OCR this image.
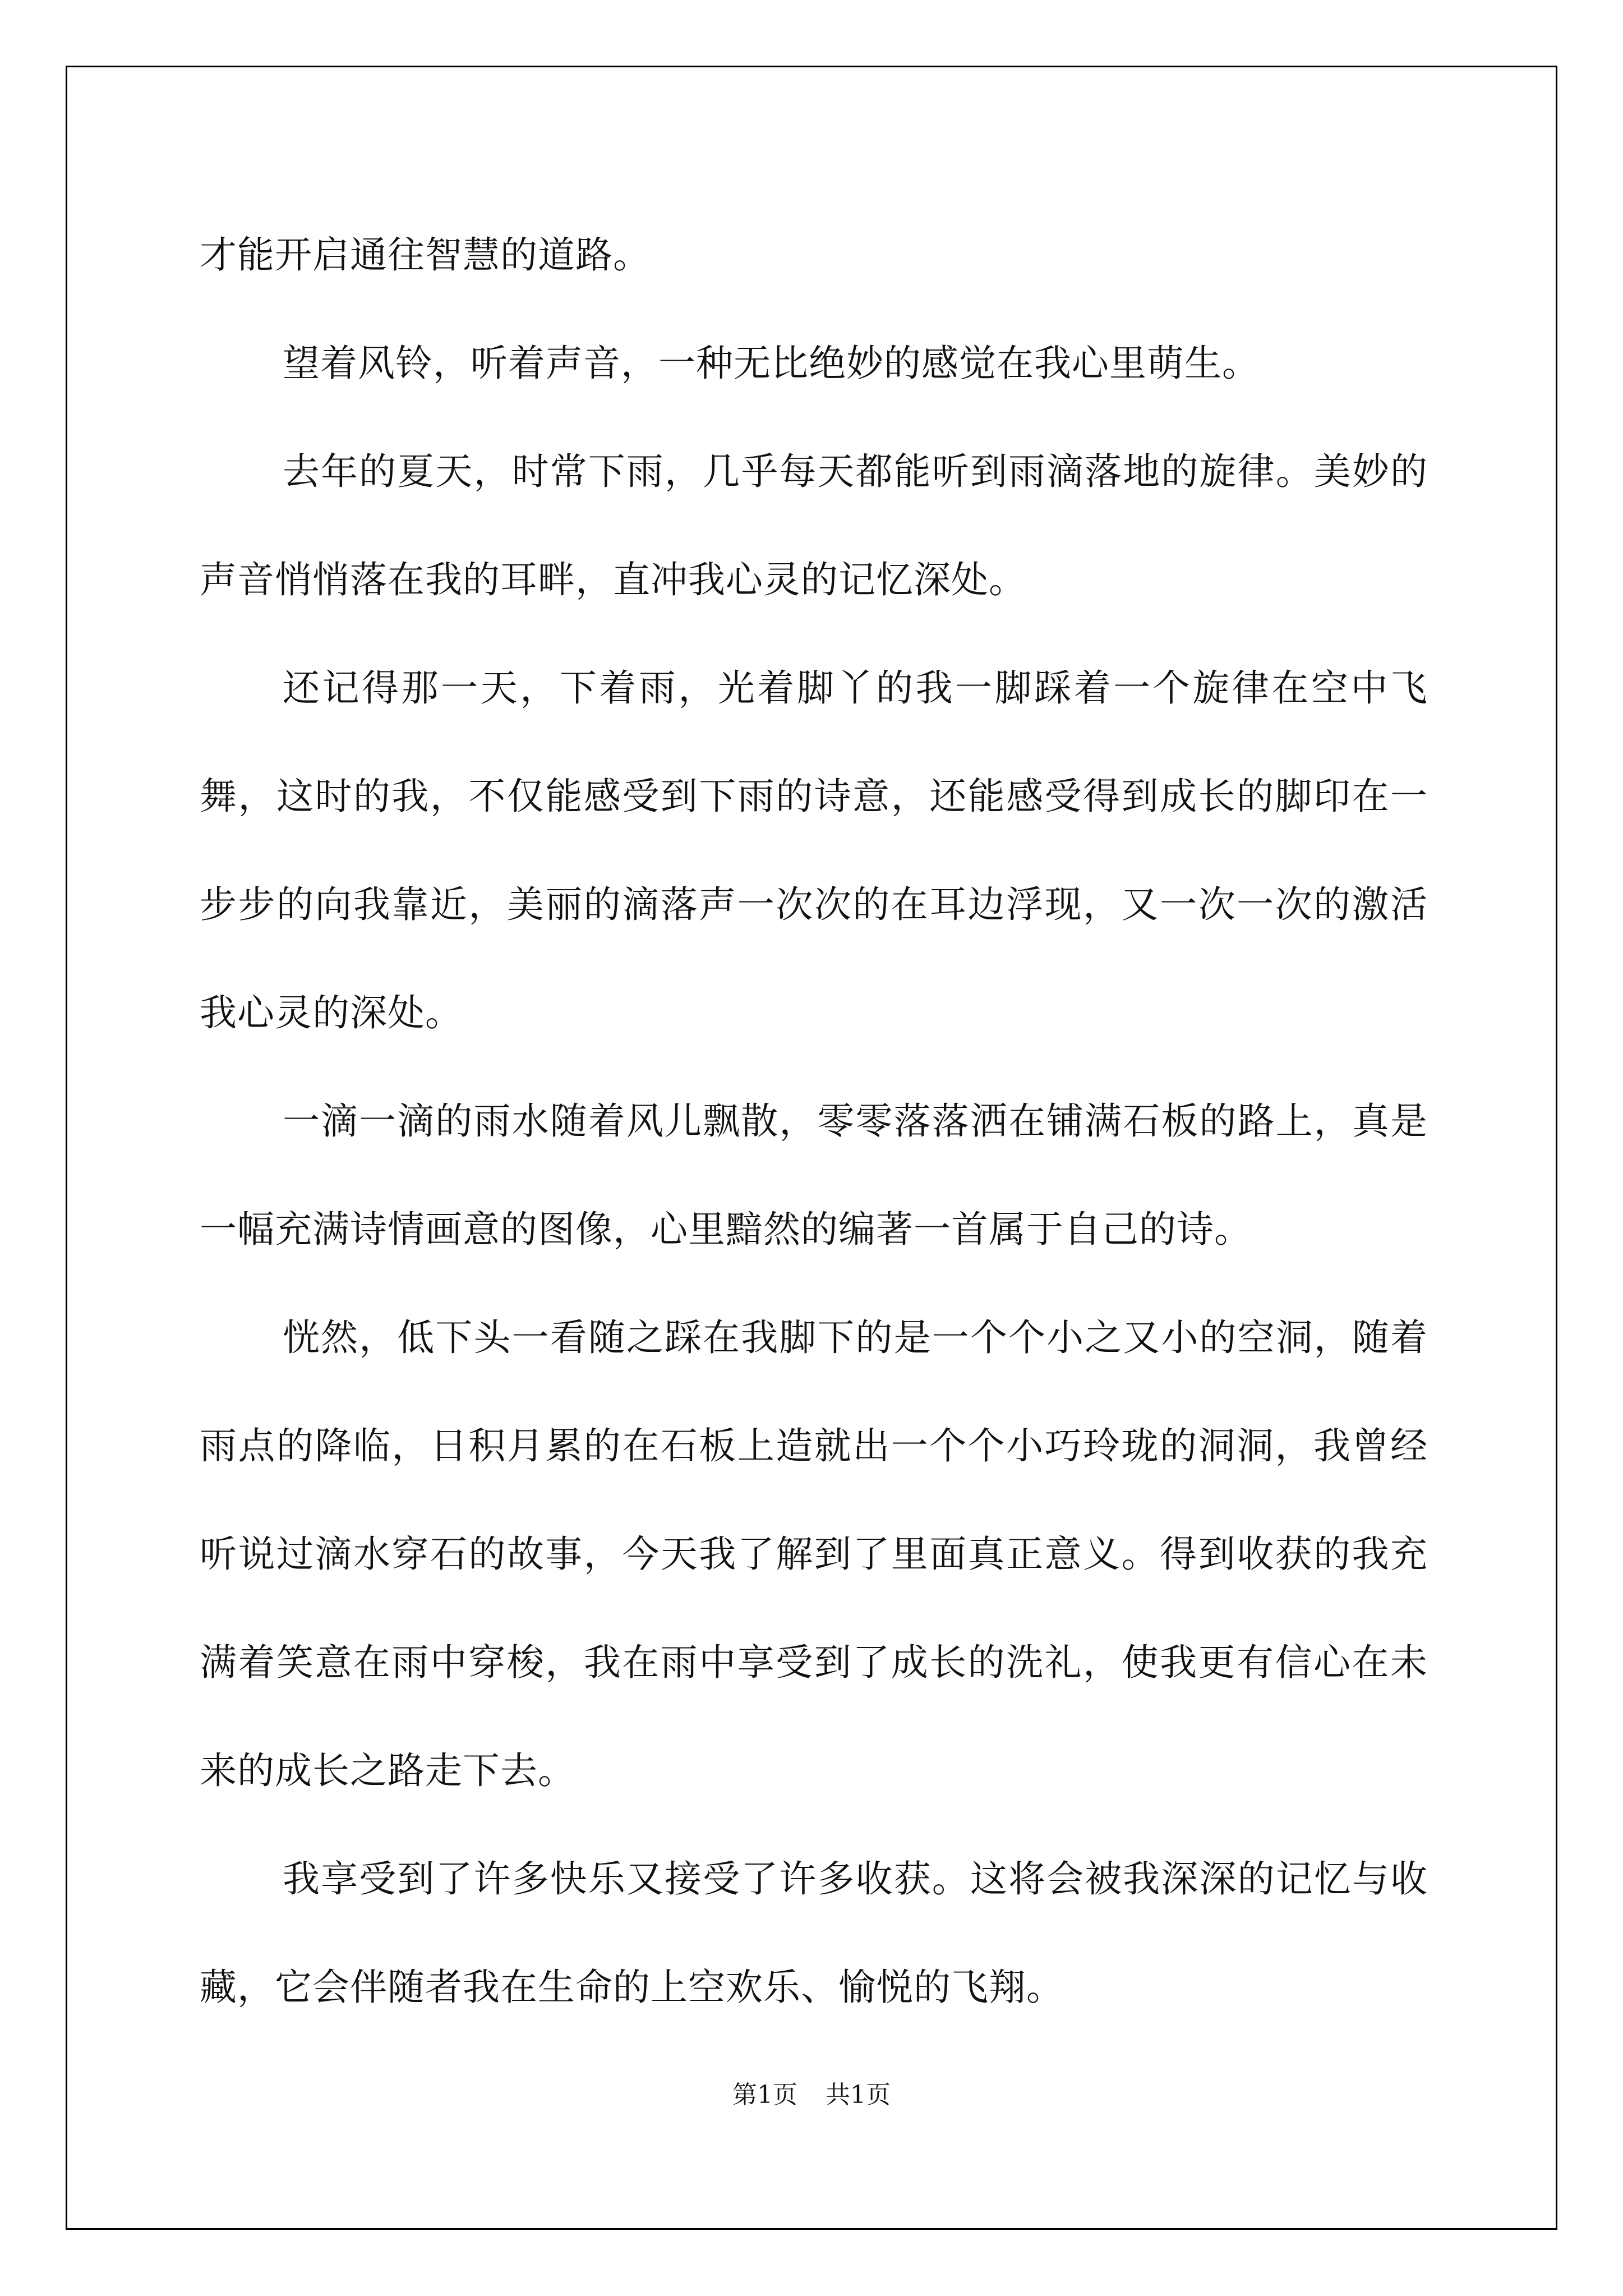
才能开启通往智慧的道路。

望着风铃，听着声音，一种无比绝妙的感觉在我心里萌生。

去年的夏天，时常下雨，几乎每天都能听到雨滴落地的旋律。美妙的声音悄悄落在我的耳畔，直冲我心灵的记忆深处。

还记得那一天，下着雨，光着脚丫的我一脚踩着一个旋律在空中飞舞，这时的我，不仅能感受到下雨的诗意，还能感受得到成长的脚印在一步步的向我靠近，美丽的滴落声一次次的在耳边浮现，又一次一次的激活我心灵的深处。

一滴一滴的雨水随着风儿飘散，零零落落洒在铺满石板的路上，真是一幅充满诗情画意的图像，心里黯然的编著一首属于自己的诗。

恍然，低下头一看随之踩在我脚下的是一个个小之又小的空洞，随着雨点的降临，日积月累的在石板上造就出一个个小巧玲珑的洞洞，我曾经听说过滴水穿石的故事，今天我了解到了里面真正意义。得到收获的我充满着笑意在雨中穿梭，我在雨中享受到了成长的洗礼，使我更有信心在未来的成长之路走下去。

我享受到了许多快乐又接受了许多收获。这将会被我深深的记忆与收藏，它会伴随者我在生命的上空欢乐、愉悦的飞翔。

第1页 共1页
